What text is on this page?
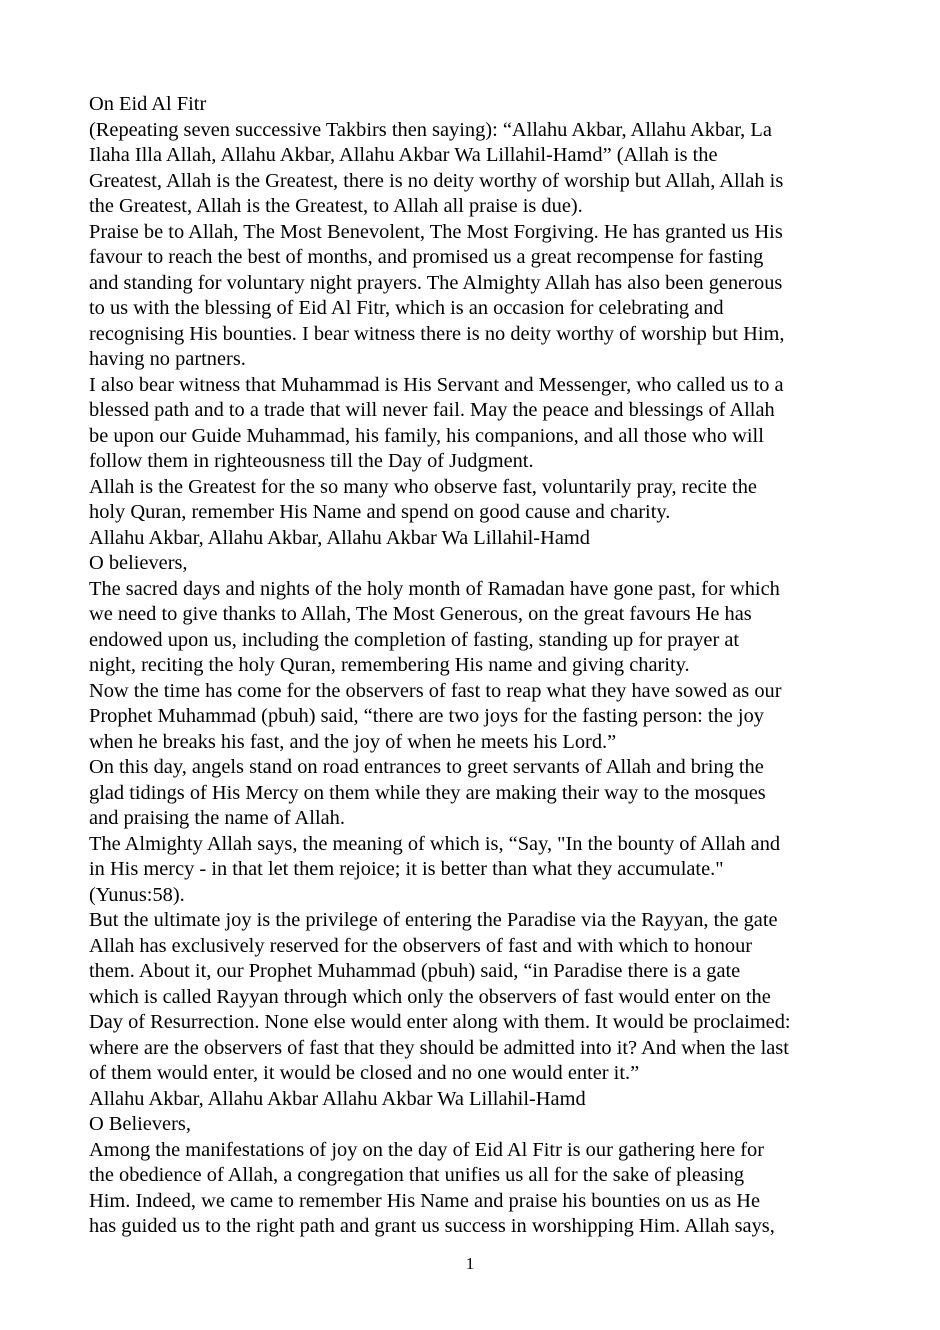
On Eid Al Fitr

(Repeating seven successive Takbirs then saying): “Allahu Akbar, Allahu Akbar, La

Ilaha Illa Allah, Allahu Akbar, Allahu Akbar Wa Lillahil-Hamd” (Allah is the

Greatest, Allah is the Greatest, there is no deity worthy of worship but Allah, Allah is

the Greatest, Allah is the Greatest, to Allah all praise is due).

Praise be to Allah, The Most Benevolent, The Most Forgiving. He has granted us His

favour to reach the best of months, and promised us a great recompense for fasting

and standing for voluntary night prayers. The Almighty Allah has also been generous

to us with the blessing of Eid Al Fitr, which is an occasion for celebrating and

recognising His bounties. I bear witness there is no deity worthy of worship but Him,

having no partners.

I also bear witness that Muhammad is His Servant and Messenger, who called us to a

blessed path and to a trade that will never fail. May the peace and blessings of Allah

be upon our Guide Muhammad, his family, his companions, and all those who will

follow them in righteousness till the Day of Judgment.

Allah is the Greatest for the so many who observe fast, voluntarily pray, recite the

holy Quran, remember His Name and spend on good cause and charity.

Allahu Akbar, Allahu Akbar, Allahu Akbar Wa Lillahil-Hamd

O believers,

The sacred days and nights of the holy month of Ramadan have gone past, for which

we need to give thanks to Allah, The Most Generous, on the great favours He has

endowed upon us, including the completion of fasting, standing up for prayer at

night, reciting the holy Quran, remembering His name and giving charity.

Now the time has come for the observers of fast to reap what they have sowed as our

Prophet Muhammad (pbuh) said, “there are two joys for the fasting person: the joy

when he breaks his fast, and the joy of when he meets his Lord.”

On this day, angels stand on road entrances to greet servants of Allah and bring the

glad tidings of His Mercy on them while they are making their way to the mosques

and praising the name of Allah.

The Almighty Allah says, the meaning of which is, “Say, "In the bounty of Allah and

in His mercy - in that let them rejoice; it is better than what they accumulate."

(Yunus:58).

But the ultimate joy is the privilege of entering the Paradise via the Rayyan, the gate

Allah has exclusively reserved for the observers of fast and with which to honour

them. About it, our Prophet Muhammad (pbuh) said, “in Paradise there is a gate

which is called Rayyan through which only the observers of fast would enter on the

Day of Resurrection. None else would enter along with them. It would be proclaimed:

where are the observers of fast that they should be admitted into it? And when the last

of them would enter, it would be closed and no one would enter it.”

Allahu Akbar, Allahu Akbar Allahu Akbar Wa Lillahil-Hamd

O Believers,

Among the manifestations of joy on the day of Eid Al Fitr is our gathering here for

the obedience of Allah, a congregation that unifies us all for the sake of pleasing

Him. Indeed, we came to remember His Name and praise his bounties on us as He

has guided us to the right path and grant us success in worshipping Him. Allah says,

1
